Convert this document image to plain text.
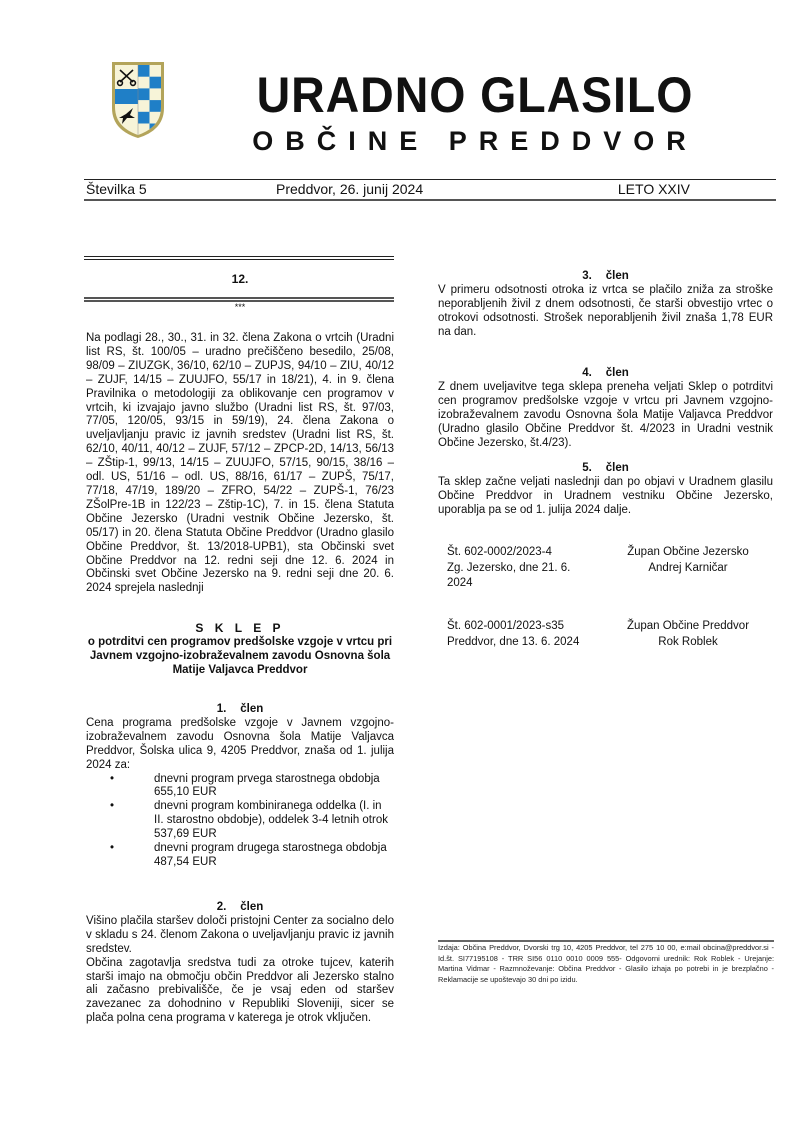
URADNO GLASILO
OBČINE PREDDVOR
Številka 5	Preddvor, 26. junij 2024	LETO XXIV
12.
***
Na podlagi 28., 30., 31. in 32. člena Zakona o vrtcih (Uradni list RS, št. 100/05 – uradno prečiščeno besedilo, 25/08, 98/09 – ZIUZGK, 36/10, 62/10 – ZUPJS, 94/10 – ZIU, 40/12 – ZUJF, 14/15 – ZUUJFO, 55/17 in 18/21), 4. in 9. člena Pravilnika o metodologiji za oblikovanje cen programov v vrtcih, ki izvajajo javno službo (Uradni list RS, št. 97/03, 77/05, 120/05, 93/15 in 59/19), 24. člena Zakona o uveljavljanju pravic iz javnih sredstev (Uradni list RS, št. 62/10, 40/11, 40/12 – ZUJF, 57/12 – ZPCP-2D, 14/13, 56/13 – ZŠtip-1, 99/13, 14/15 – ZUUJFO, 57/15, 90/15, 38/16 – odl. US, 51/16 – odl. US, 88/16, 61/17 – ZUPŠ, 75/17, 77/18, 47/19, 189/20 – ZFRO, 54/22 – ZUPŠ-1, 76/23 ZŠolPre-1B in 122/23 – Zštip-1C), 7. in 15. člena Statuta Občine Jezersko (Uradni vestnik Občine Jezersko, št. 05/17) in 20. člena Statuta Občine Preddvor (Uradno glasilo Občine Preddvor, št. 13/2018-UPB1), sta Občinski svet Občine Preddvor na 12. redni seji dne 12. 6. 2024 in Občinski svet Občine Jezersko na 9. redni seji dne 20. 6. 2024 sprejela naslednji
S K L E P
o potrditvi cen programov predšolske vzgoje v vrtcu pri Javnem vzgojno-izobraževalnem zavodu Osnovna šola Matije Valjavca Preddvor
1. člen
Cena programa predšolske vzgoje v Javnem vzgojno-izobraževalnem zavodu Osnovna šola Matije Valjavca Preddvor, Šolska ulica 9, 4205 Preddvor, znaša od 1. julija 2024 za:
• dnevni program prvega starostnega obdobja
655,10 EUR
• dnevni program kombiniranega oddelka (I. in II. starostno obdobje), oddelek 3-4 letnih otrok
537,69 EUR
• dnevni program drugega starostnega obdobja
487,54 EUR
2. člen
Višino plačila staršev določi pristojni Center za socialno delo v skladu s 24. členom Zakona o uveljavljanju pravic iz javnih sredstev.
Občina zagotavlja sredstva tudi za otroke tujcev, katerih starši imajo na območju občin Preddvor ali Jezersko stalno ali začasno prebivališče, če je vsaj eden od staršev zavezanec za dohodnino v Republiki Sloveniji, sicer se plača polna cena programa v katerega je otrok vključen.
3. člen
V primeru odsotnosti otroka iz vrtca se plačilo zniža za stroške neporabljenih živil z dnem odsotnosti, če starši obvestijo vrtec o otrokovi odsotnosti. Strošek neporabljenih živil znaša 1,78 EUR na dan.
4. člen
Z dnem uveljavitve tega sklepa preneha veljati Sklep o potrditvi cen programov predšolske vzgoje v vrtcu pri Javnem vzgojno-izobraževalnem zavodu Osnovna šola Matije Valjavca Preddvor (Uradno glasilo Občine Preddvor št. 4/2023 in Uradni vestnik Občine Jezersko, št.4/23).
5. člen
Ta sklep začne veljati naslednji dan po objavi v Uradnem glasilu Občine Preddvor in Uradnem vestniku Občine Jezersko, uporablja pa se od 1. julija 2024 dalje.
Št. 602-0002/2023-4
Zg. Jezersko, dne 21. 6. 2024
Župan Občine Jezersko
Andrej Karničar
Št. 602-0001/2023-s35
Preddvor, dne 13. 6. 2024
Župan Občine Preddvor
Rok Roblek
Izdaja: Občina Preddvor, Dvorski trg 10, 4205 Preddvor, tel 275 10 00, e:mail obcina@preddvor.si - Id.št. SI77195108 - TRR SI56 0110 0010 0009 555- Odgovorni urednik: Rok Roblek - Urejanje: Martina Vidmar - Razmnoževanje: Občina Preddvor - Glasilo izhaja po potrebi in je brezplačno - Reklamacije se upoštevajo 30 dni po izidu.
